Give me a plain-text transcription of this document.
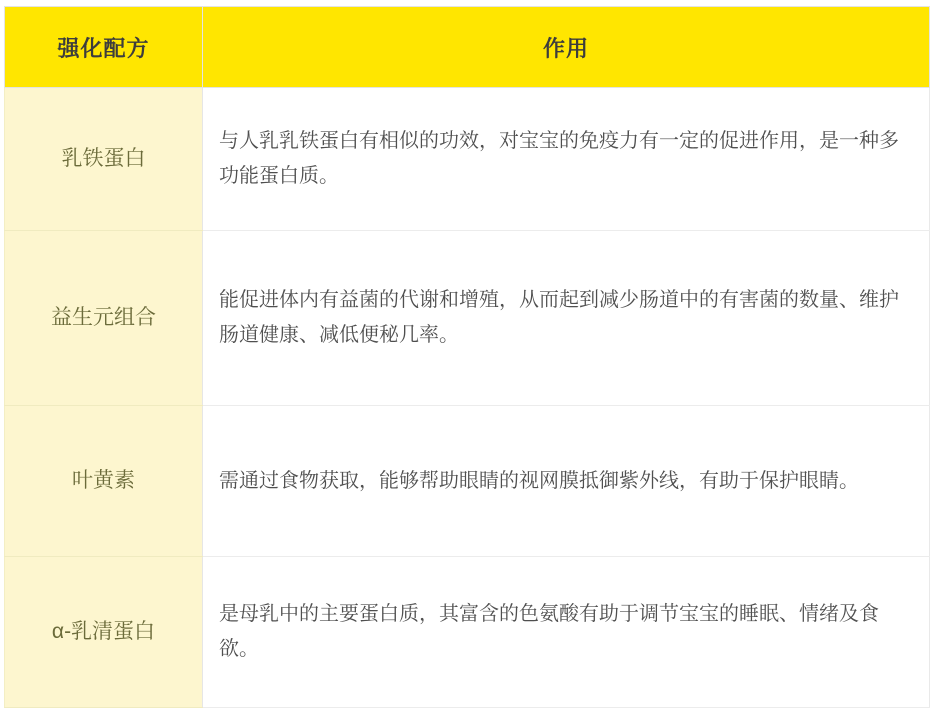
强化配方	作用
乳铁蛋白	与人乳乳铁蛋白有相似的功效，对宝宝的免疫力有一定的促进作用，是一种多功能蛋白质。
益生元组合	能促进体内有益菌的代谢和增殖，从而起到减少肠道中的有害菌的数量、维护肠道健康、减低便秘几率。
叶黄素	需通过食物获取，能够帮助眼睛的视网膜抵御紫外线，有助于保护眼睛。
α-乳清蛋白	是母乳中的主要蛋白质，其富含的色氨酸有助于调节宝宝的睡眠、情绪及食欲。
